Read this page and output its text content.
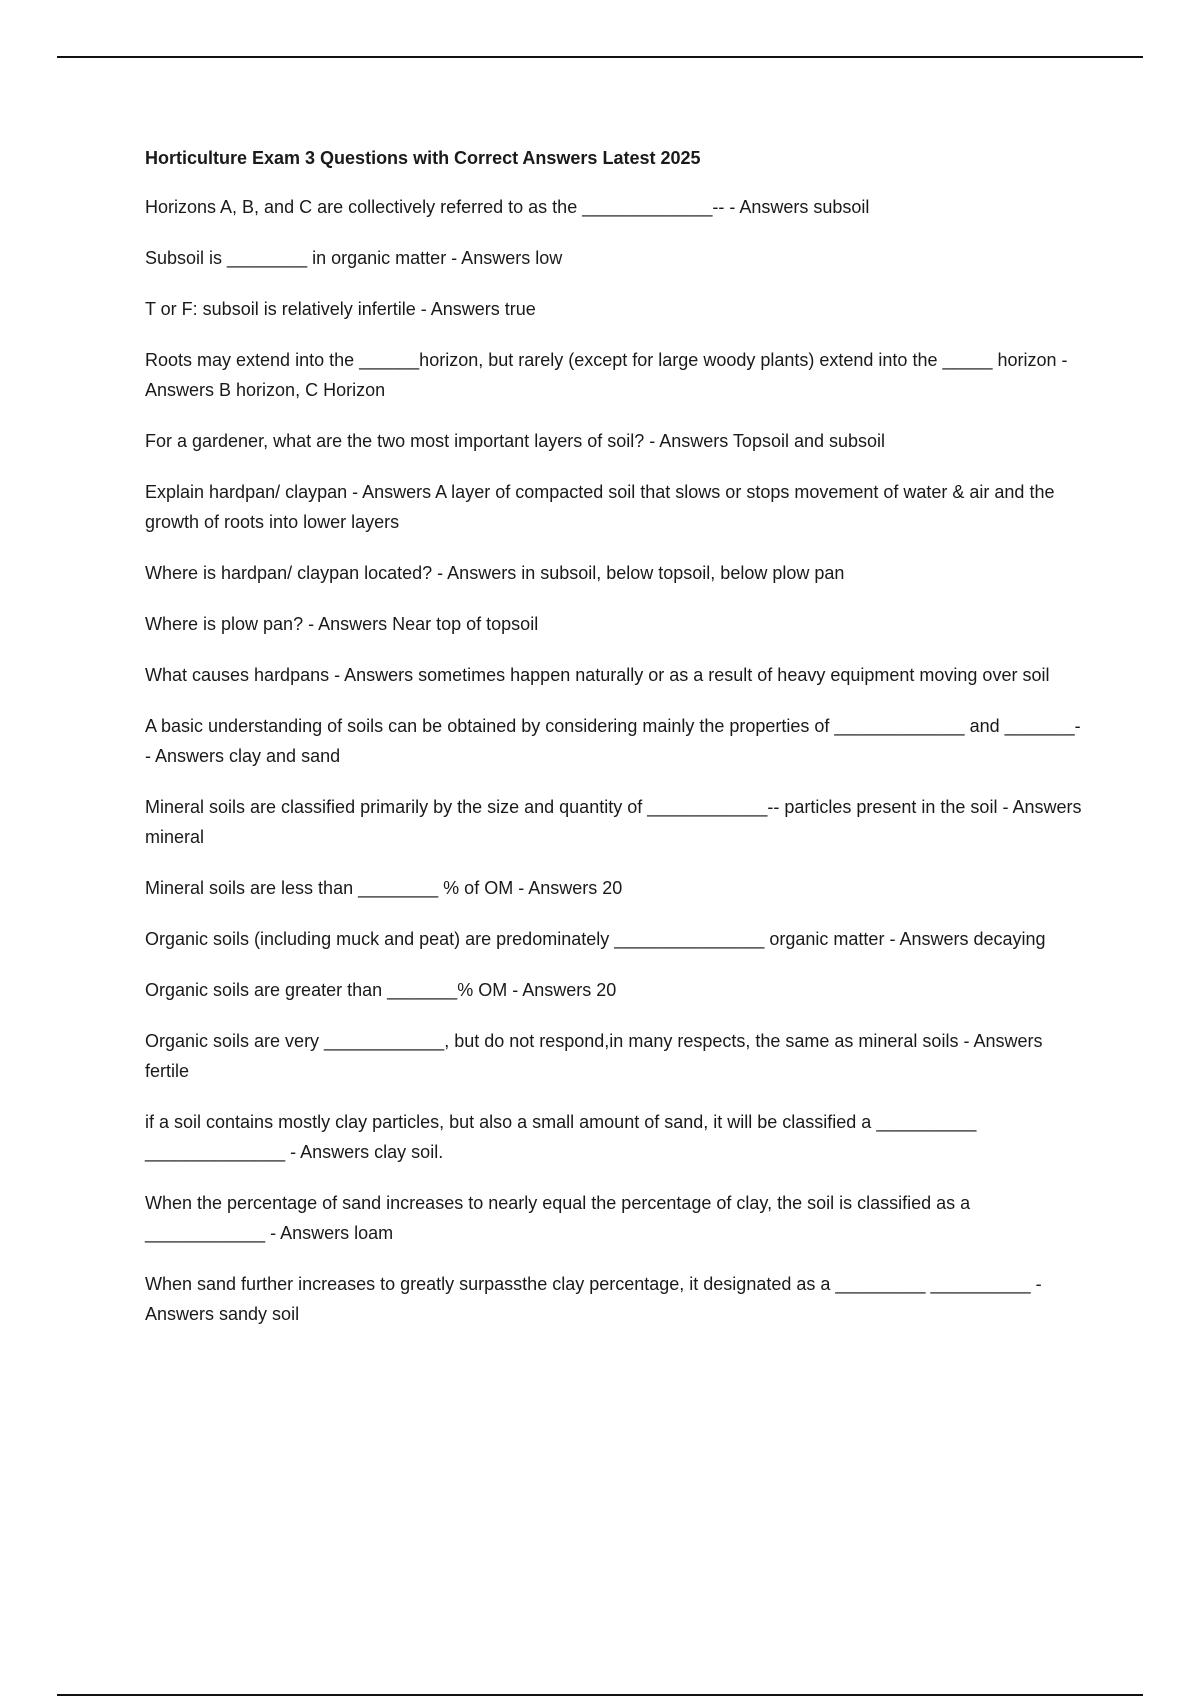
Horticulture Exam 3 Questions with Correct Answers Latest 2025
Horizons A, B, and C are collectively referred to as the _____________-- - Answers subsoil
Subsoil is ________ in organic matter - Answers low
T or F: subsoil is relatively infertile - Answers true
Roots may extend into the ______horizon, but rarely (except for large woody plants) extend into the _____ horizon - Answers B horizon, C Horizon
For a gardener, what are the two most important layers of soil? - Answers Topsoil and subsoil
Explain hardpan/ claypan - Answers A layer of compacted soil that slows or stops movement of water & air and the growth of roots into lower layers
Where is hardpan/ claypan located? - Answers in subsoil, below topsoil, below plow pan
Where is plow pan? - Answers Near top of topsoil
What causes hardpans - Answers sometimes happen naturally or as a result of heavy equipment moving over soil
A basic understanding of soils can be obtained by considering mainly the properties of _____________ and _______- - Answers clay and sand
Mineral soils are classified primarily by the size and quantity of ____________-- particles present in the soil - Answers mineral
Mineral soils are less than ________ % of OM - Answers 20
Organic soils (including muck and peat) are predominately _______________ organic matter - Answers decaying
Organic soils are greater than _______% OM - Answers 20
Organic soils are very ____________, but do not respond,in many respects, the same as mineral soils - Answers fertile
if a soil contains mostly clay particles, but also a small amount of sand, it will be classified a __________ ______________ - Answers clay soil.
When the percentage of sand increases to nearly equal the percentage of clay, the soil is classified as a ____________ - Answers loam
When sand further increases to greatly surpassthe clay percentage, it designated as a _________ __________ - Answers sandy soil
